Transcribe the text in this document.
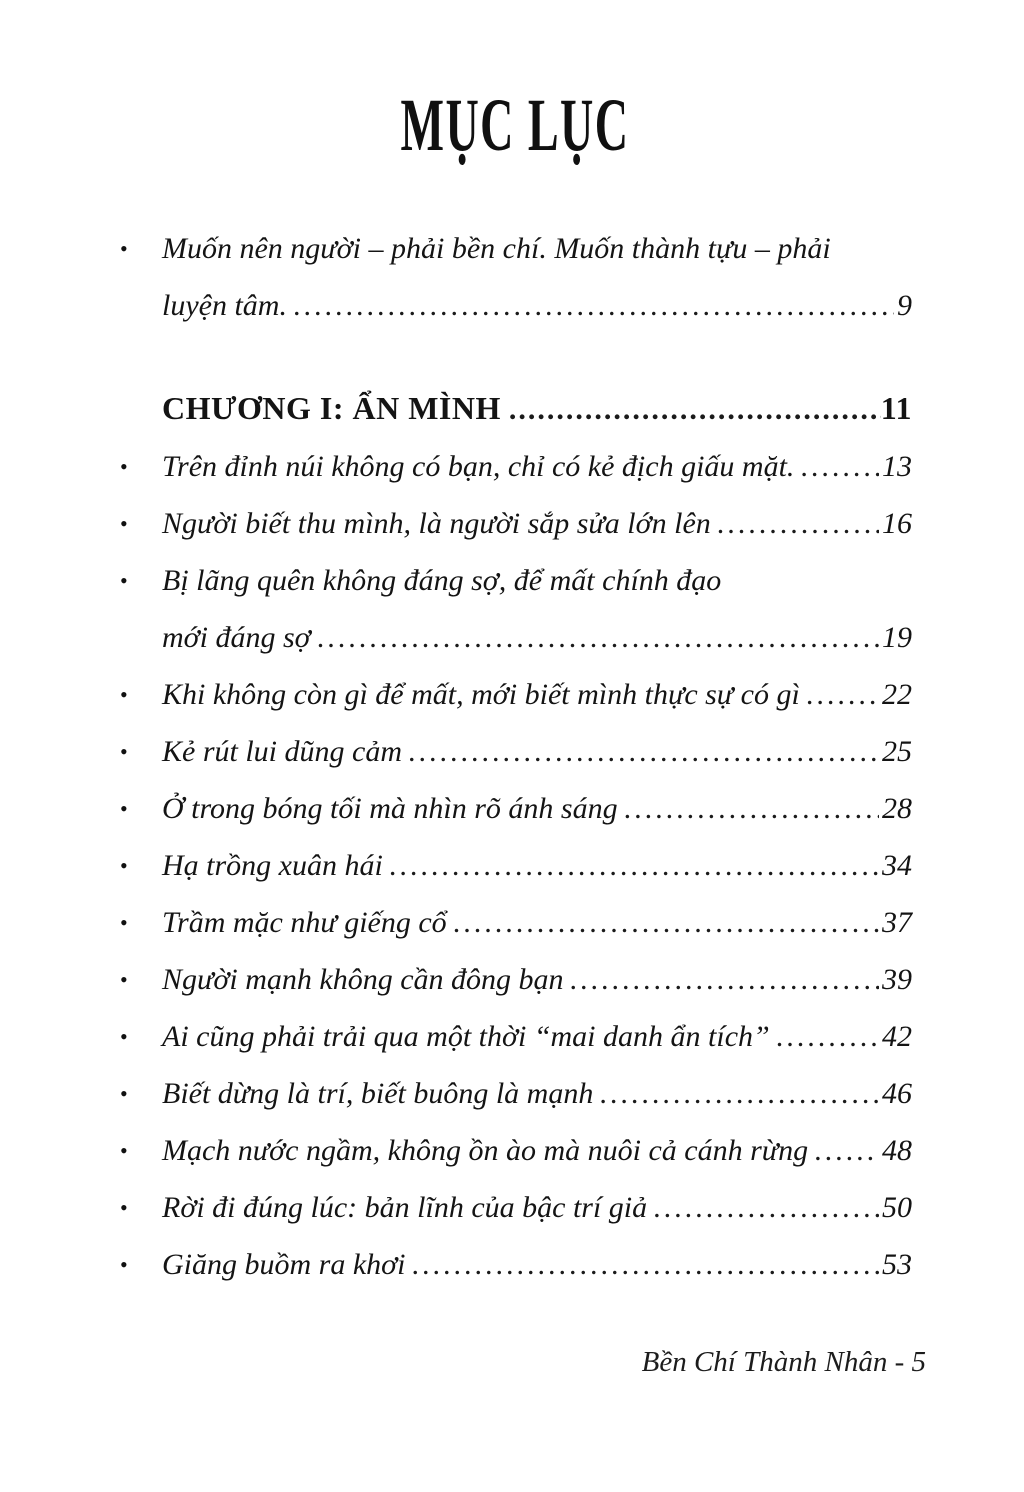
MỤC LỤC
•	Muốn nên người – phải bền chí. Muốn thành tựu – phải
luyện tâm. .....	9
CHƯƠNG I: ẨN MÌNH .....	11
•	Trên đỉnh núi không có bạn, chỉ có kẻ địch giấu mặt. .....	13
•	Người biết thu mình, là người sắp sửa lớn lên .....	16
•	Bị lãng quên không đáng sợ, để mất chính đạo
mới đáng sợ .....	19
•	Khi không còn gì để mất, mới biết mình thực sự có gì .....	22
•	Kẻ rút lui dũng cảm .....	25
•	Ở trong bóng tối mà nhìn rõ ánh sáng .....	28
•	Hạ trồng xuân hái .....	34
•	Trầm mặc như giếng cổ .....	37
•	Người mạnh không cần đông bạn .....	39
•	Ai cũng phải trải qua một thời “mai danh ẩn tích” .....	42
•	Biết dừng là trí, biết buông là mạnh .....	46
•	Mạch nước ngầm, không ồn ào mà nuôi cả cánh rừng ..... 48
•	Rời đi đúng lúc: bản lĩnh của bậc trí giả .....	50
•	Giăng buồm ra khơi .....	53
Bền Chí Thành Nhân - 5
